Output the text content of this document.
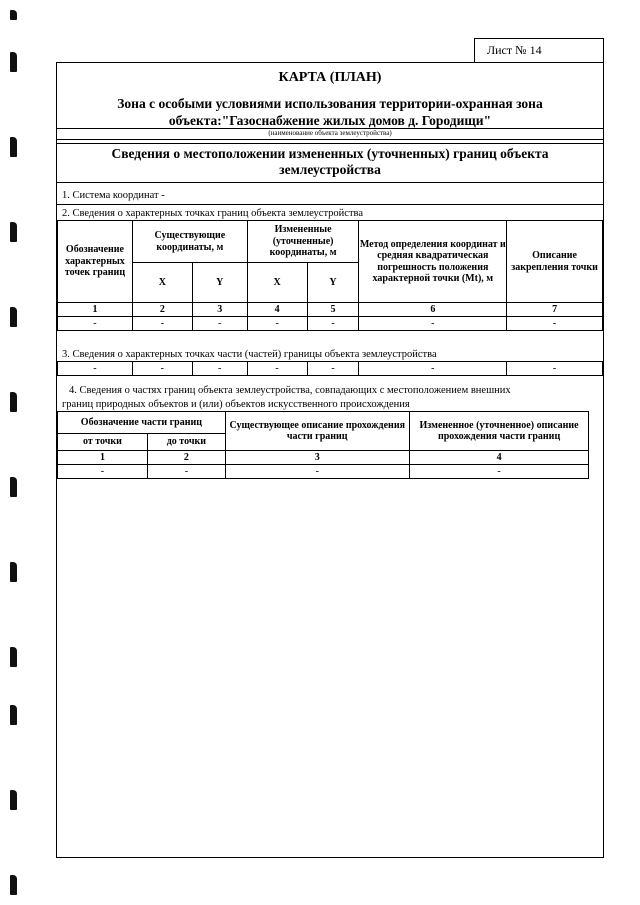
Лист № 14
КАРТА (ПЛАН)
Зона с особыми условиями использования территории-охранная зона
объекта:"Газоснабжение жилых домов д. Городищи"
(наименование объекта землеустройства)
Сведения о местоположении измененных (уточненных) границ объекта
землеустройства
1. Система координат -
2. Сведения о характерных точках границ объекта землеустройства
Обозначение характерных точек границ	Существующие координаты, м		Измененные (уточненные) координаты, м		Метод определения координат и средняя квадратическая погрешность положения характерной точки (Mt), м	Описание закрепления точки
	X	Y	X	Y		
1	2	3	4	5	6	7
-	-	-	-	-	-	-
3. Сведения о характерных точках части (частей) границы объекта землеустройства
-	-	-	-	-	-	-
4. Сведения о частях границ объекта землеустройства, совпадающих с местоположением внешних
границ природных объектов и (или) объектов искусственного происхождения
Обозначение части границ		Существующее описание прохождения части границ	Измененное (уточненное) описание прохождения части границ	
от точки	до точки			
1	2	3	4	
-	-	-	-	
